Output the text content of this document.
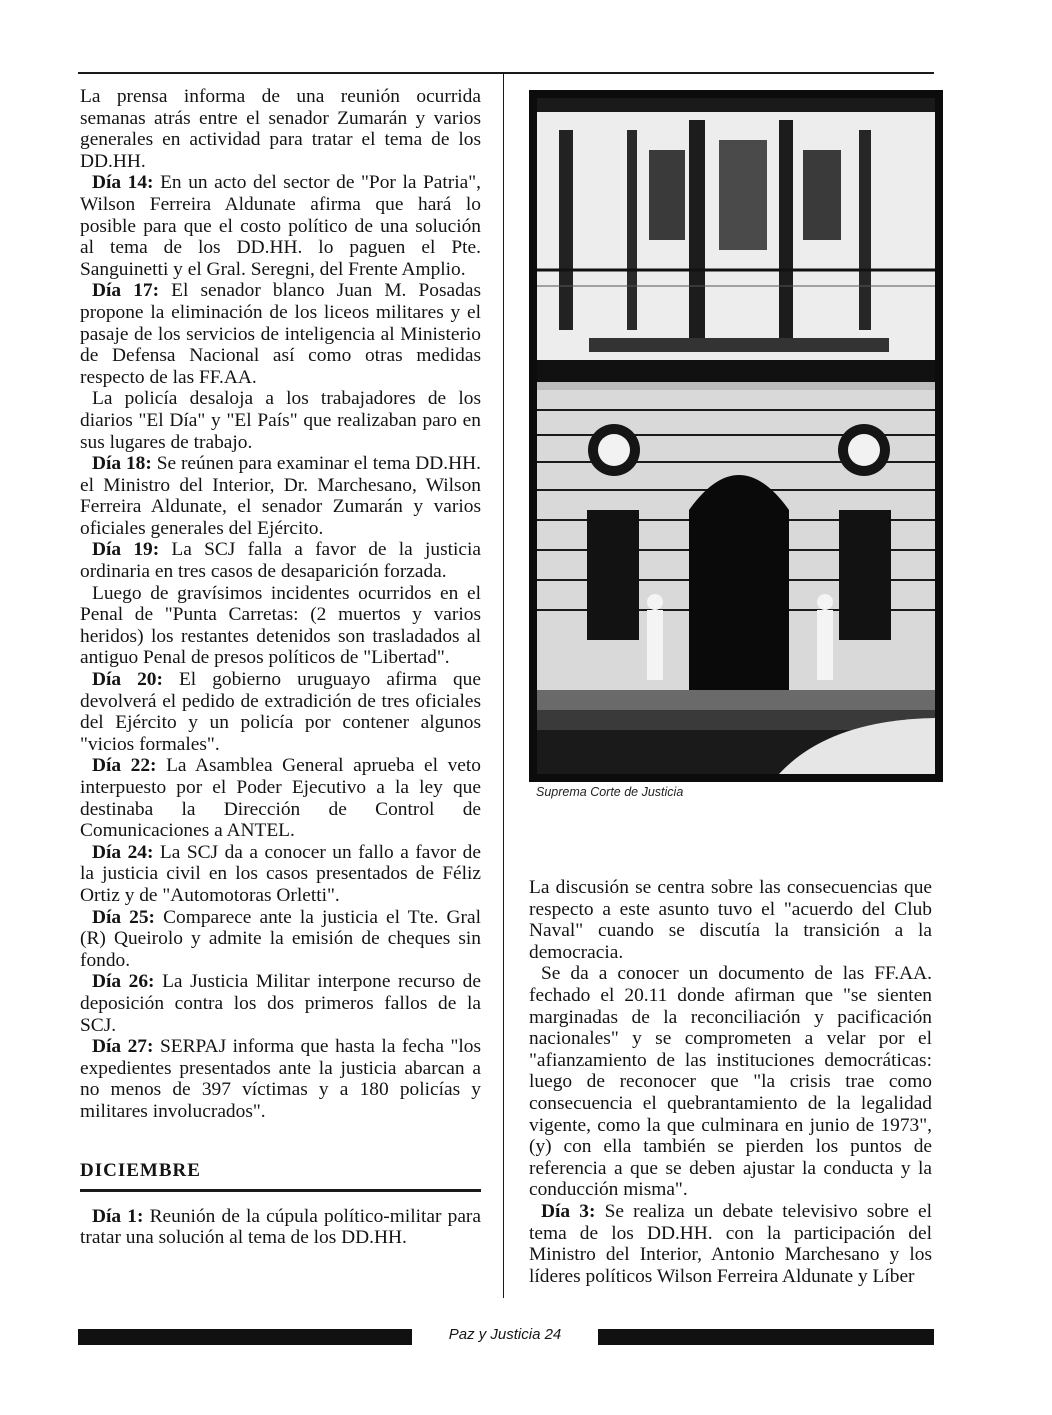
La prensa informa de una reunión ocurrida semanas atrás entre el senador Zumarán y varios generales en actividad para tratar el tema de los DD.HH.

Día 14: En un acto del sector de "Por la Patria", Wilson Ferreira Aldunate afirma que hará lo posible para que el costo político de una solución al tema de los DD.HH. lo paguen el Pte. Sanguinetti y el Gral. Seregni, del Frente Amplio.

Día 17: El senador blanco Juan M. Posadas propone la eliminación de los liceos militares y el pasaje de los servicios de inteligencia al Ministerio de Defensa Nacional así como otras medidas respecto de las FF.AA.

La policía desaloja a los trabajadores de los diarios "El Día" y "El País" que realizaban paro en sus lugares de trabajo.

Día 18: Se reúnen para examinar el tema DD.HH. el Ministro del Interior, Dr. Marchesano, Wilson Ferreira Aldunate, el senador Zumarán y varios oficiales generales del Ejército.

Día 19: La SCJ falla a favor de la justicia ordinaria en tres casos de desaparición forzada.

Luego de gravísimos incidentes ocurridos en el Penal de "Punta Carretas: (2 muertos y varios heridos) los restantes detenidos son trasladados al antiguo Penal de presos políticos de "Libertad".

Día 20: El gobierno uruguayo afirma que devolverá el pedido de extradición de tres oficiales del Ejército y un policía por contener algunos "vicios formales".

Día 22: La Asamblea General aprueba el veto interpuesto por el Poder Ejecutivo a la ley que destinaba la Dirección de Control de Comunicaciones a ANTEL.

Día 24: La SCJ da a conocer un fallo a favor de la justicia civil en los casos presentados de Féliz Ortiz y de "Automotoras Orletti".

Día 25: Comparece ante la justicia el Tte. Gral (R) Queirolo y admite la emisión de cheques sin fondo.

Día 26: La Justicia Militar interpone recurso de deposición contra los dos primeros fallos de la SCJ.

Día 27: SERPAJ informa que hasta la fecha "los expedientes presentados ante la justicia abarcan a no menos de 397 víctimas y a 180 policías y militares involucrados".

DICIEMBRE

Día 1: Reunión de la cúpula político-militar para tratar una solución al tema de los DD.HH.

Suprema Corte de Justicia

La discusión se centra sobre las consecuencias que respecto a este asunto tuvo el "acuerdo del Club Naval" cuando se discutía la transición a la democracia.

Se da a conocer un documento de las FF.AA. fechado el 20.11 donde afirman que "se sienten marginadas de la reconciliación y pacificación nacionales" y se comprometen a velar por el "afianzamiento de las instituciones democráticas: luego de reconocer que "la crisis trae como consecuencia el quebrantamiento de la legalidad vigente, como la que culminara en junio de 1973", (y) con ella también se pierden los puntos de referencia a que se deben ajustar la conducta y la conducción misma".

Día 3: Se realiza un debate televisivo sobre el tema de los DD.HH. con la participación del Ministro del Interior, Antonio Marchesano y los líderes políticos Wilson Ferreira Aldunate y Líber

Paz y Justicia 24
